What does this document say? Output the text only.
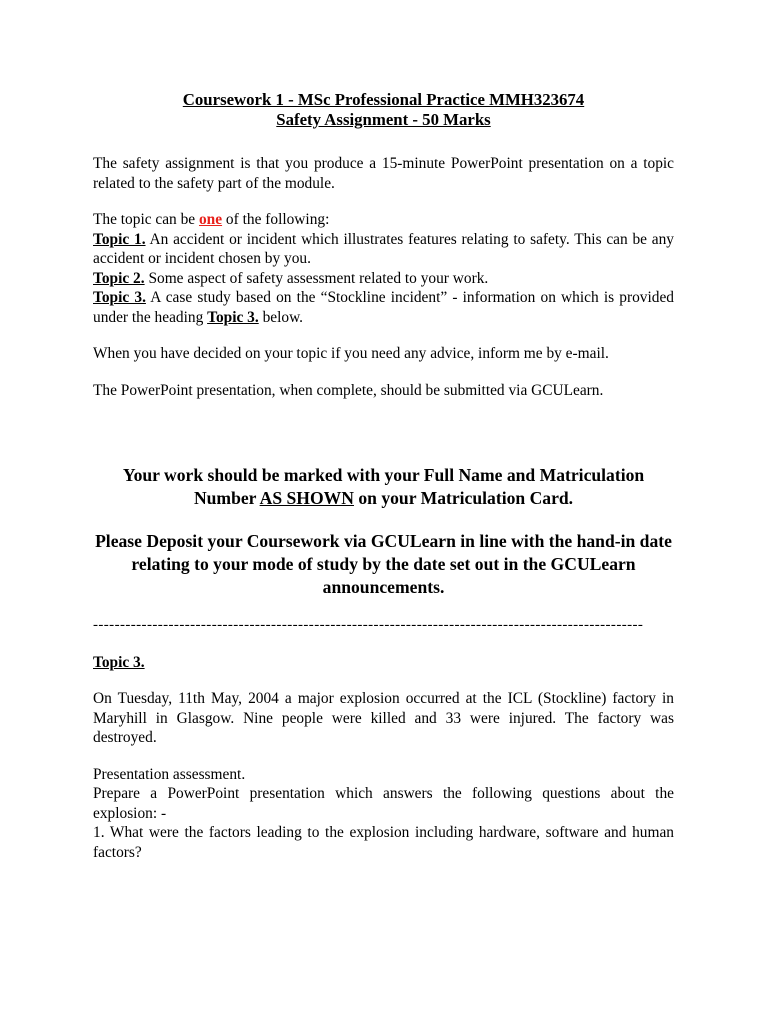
Coursework 1 - MSc Professional Practice MMH323674

Safety Assignment - 50 Marks

The safety assignment is that you produce a 15-minute PowerPoint presentation on a topic related to the safety part of the module.

The topic can be one of the following:

Topic 1. An accident or incident which illustrates features relating to safety. This can be any accident or incident chosen by you.

Topic 2. Some aspect of safety assessment related to your work.

Topic 3. A case study based on the “Stockline incident” - information on which is provided under the heading Topic 3. below.

When you have decided on your topic if you need any advice, inform me by e-mail.

The PowerPoint presentation, when complete, should be submitted via GCULearn.

Your work should be marked with your Full Name and Matriculation Number AS SHOWN on your Matriculation Card.

Please Deposit your Coursework via GCULearn in line with the hand-in date relating to your mode of study by the date set out in the GCULearn announcements.

------------------------------------------------------------------------------------------------------

Topic 3.

On Tuesday, 11th May, 2004 a major explosion occurred at the ICL (Stockline) factory in Maryhill in Glasgow. Nine people were killed and 33 were injured. The factory was destroyed.

Presentation assessment.

Prepare a PowerPoint presentation which answers the following questions about the explosion: -

1. What were the factors leading to the explosion including hardware, software and human factors?
